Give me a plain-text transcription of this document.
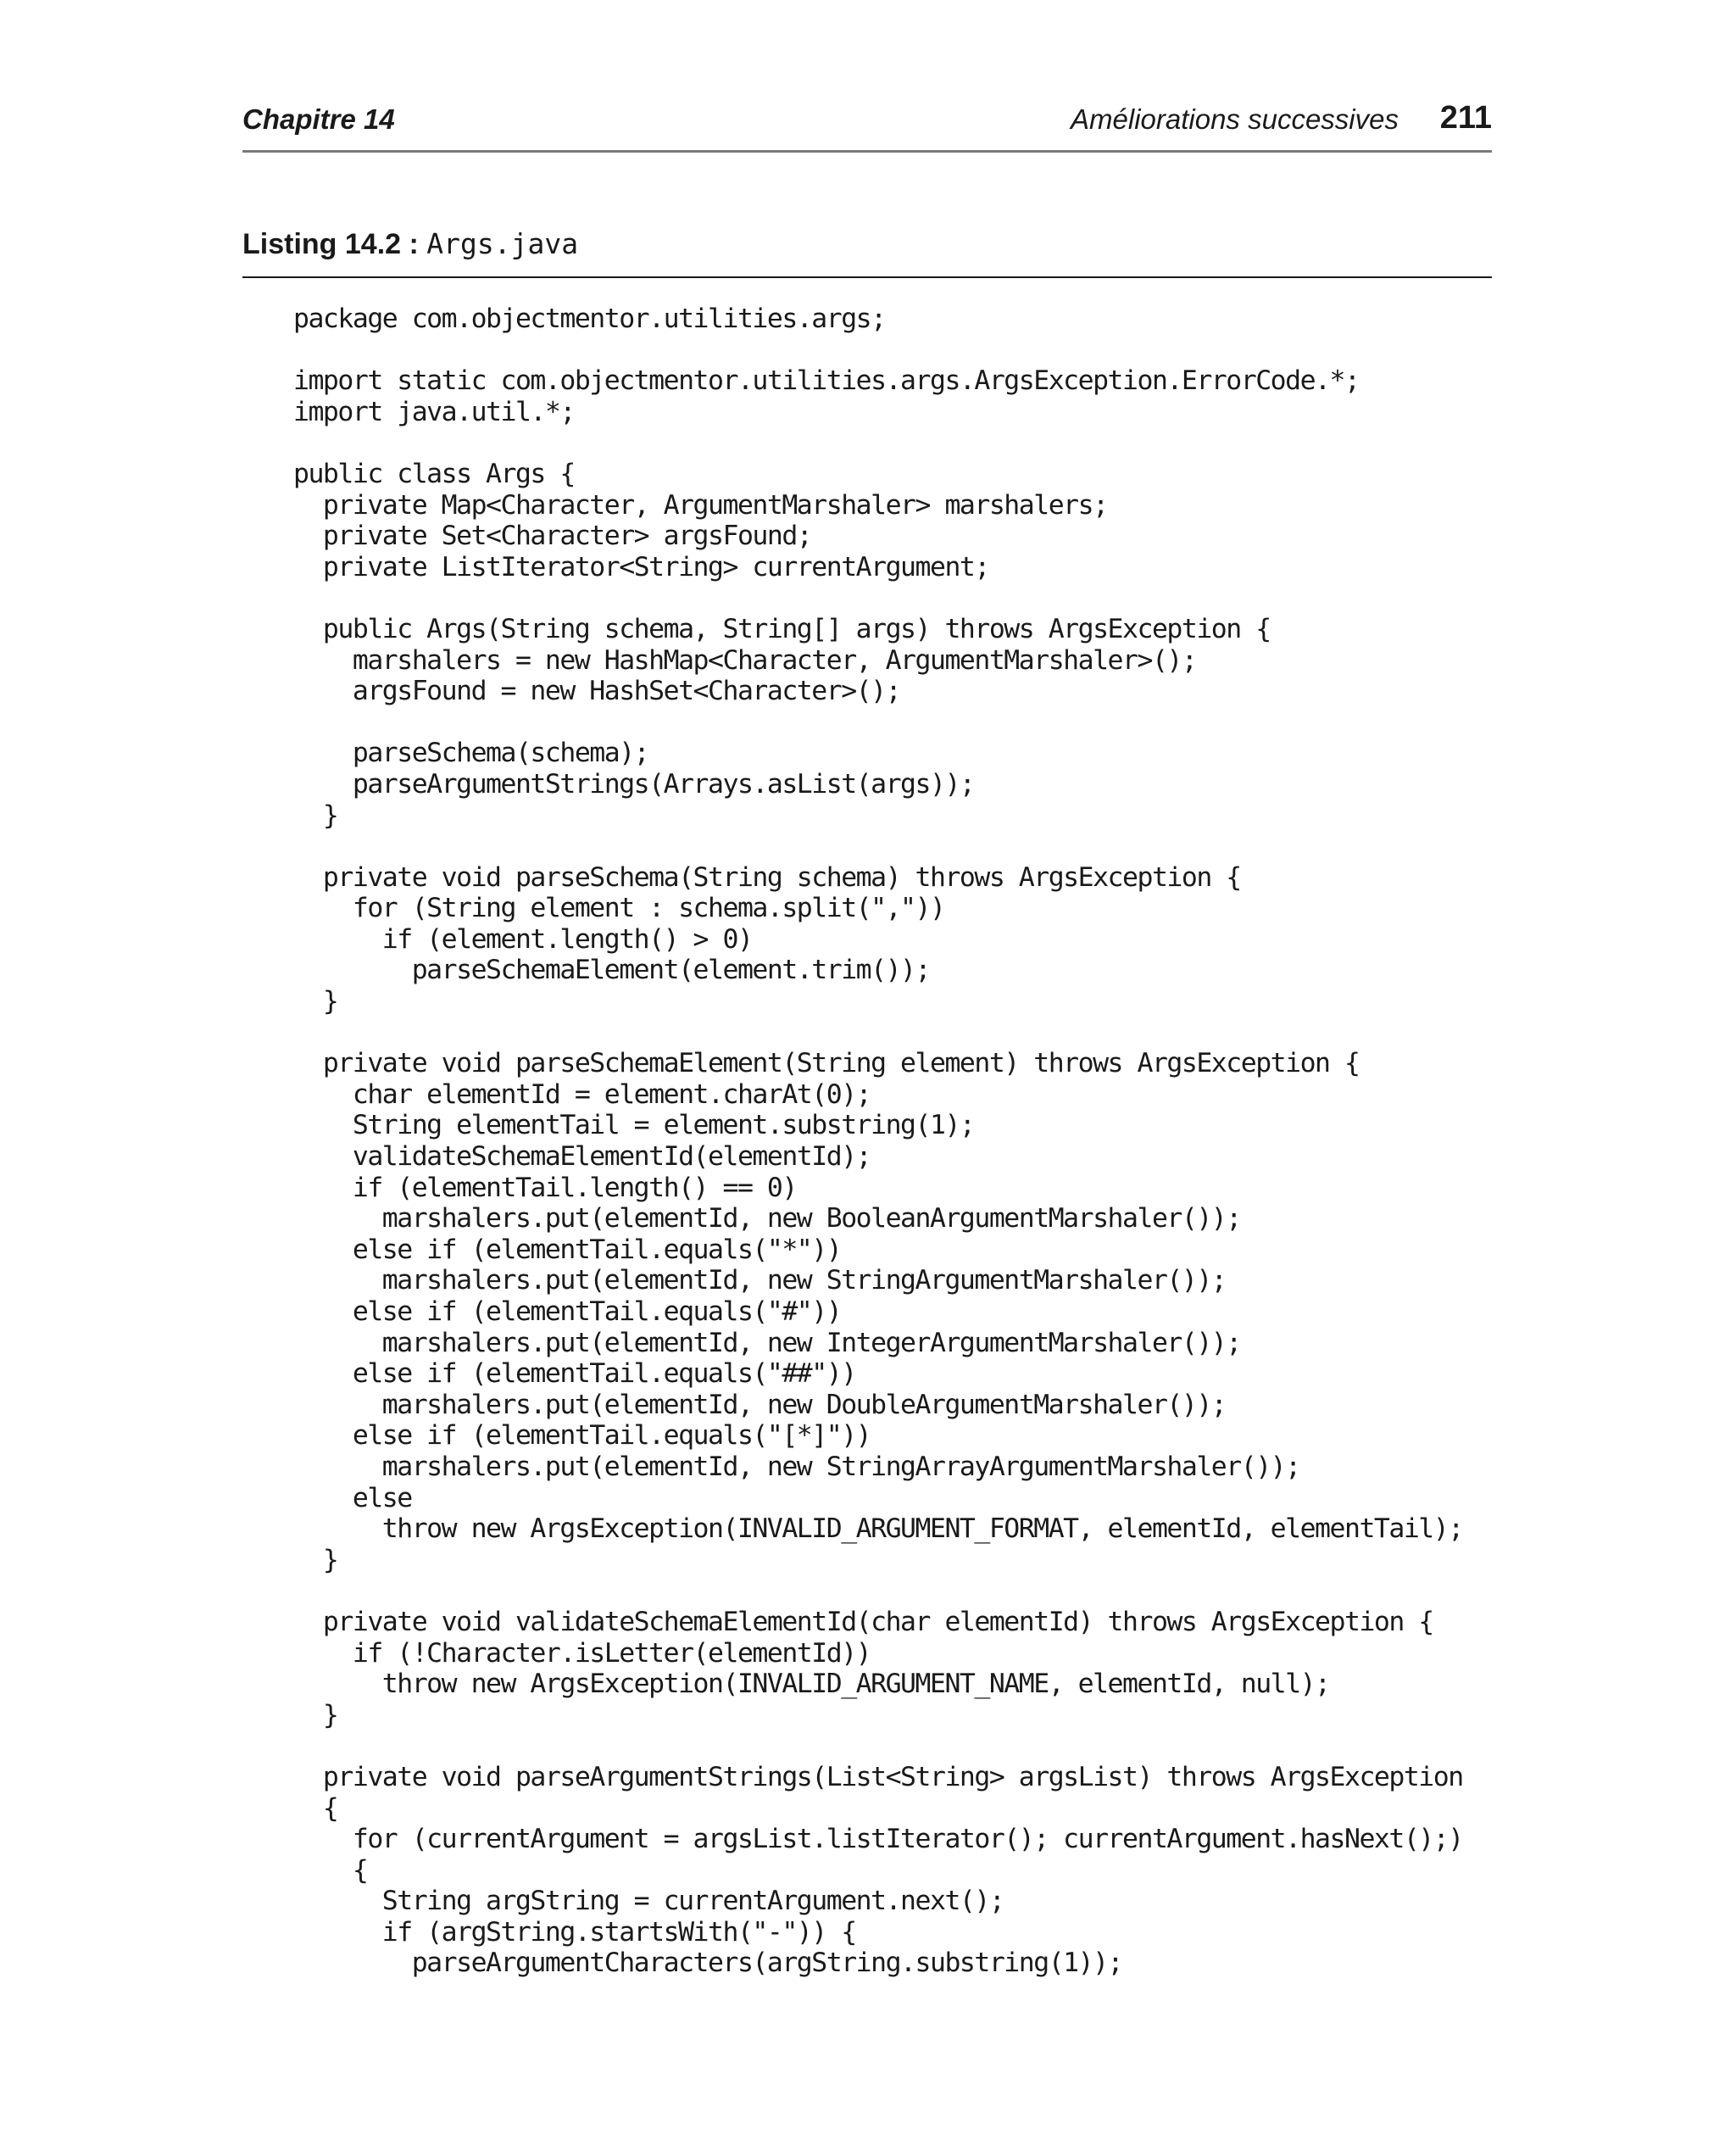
Chapitre 14	Améliorations successives 211
Listing 14.2 : Args.java
package com.objectmentor.utilities.args;

import static com.objectmentor.utilities.args.ArgsException.ErrorCode.*;
import java.util.*;

public class Args {
private Map<Character, ArgumentMarshaler> marshalers;
private Set<Character> argsFound;
private ListIterator<String> currentArgument;

public Args(String schema, String[] args) throws ArgsException {
marshalers = new HashMap<Character, ArgumentMarshaler>();
argsFound = new HashSet<Character>();

parseSchema(schema);
parseArgumentStrings(Arrays.asList(args));
}

private void parseSchema(String schema) throws ArgsException {
for (String element : schema.split(","))
if (element.length() > 0)
parseSchemaElement(element.trim());
}

private void parseSchemaElement(String element) throws ArgsException {
char elementId = element.charAt(0);
String elementTail = element.substring(1);
validateSchemaElementId(elementId);
if (elementTail.length() == 0)
marshalers.put(elementId, new BooleanArgumentMarshaler());
else if (elementTail.equals("*"))
marshalers.put(elementId, new StringArgumentMarshaler());
else if (elementTail.equals("#"))
marshalers.put(elementId, new IntegerArgumentMarshaler());
else if (elementTail.equals("##"))
marshalers.put(elementId, new DoubleArgumentMarshaler());
else if (elementTail.equals("[*]"))
marshalers.put(elementId, new StringArrayArgumentMarshaler());
else
throw new ArgsException(INVALID_ARGUMENT_FORMAT, elementId, elementTail);
}

private void validateSchemaElementId(char elementId) throws ArgsException {
if (!Character.isLetter(elementId))
throw new ArgsException(INVALID_ARGUMENT_NAME, elementId, null);
}

private void parseArgumentStrings(List<String> argsList) throws ArgsException
{
for (currentArgument = argsList.listIterator(); currentArgument.hasNext();)
{
String argString = currentArgument.next();
if (argString.startsWith("-")) {
parseArgumentCharacters(argString.substring(1));
